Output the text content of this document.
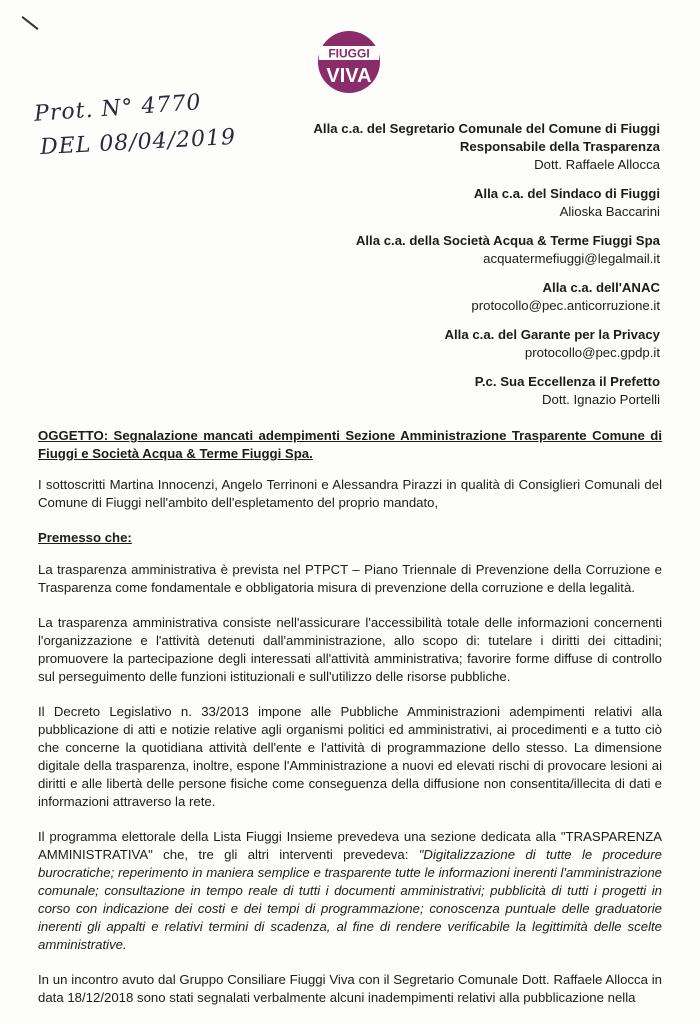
FIUGGI
VIVA
Prot. N° 4770
DEL 08/04/2019	Alla c.a. del Segretario Comunale del Comune di Fiuggi
Responsabile della Trasparenza
Dott. Raffaele Allocca
Alla c.a. del Sindaco di Fiuggi
Alioska Baccarini
Alla c.a. della Società Acqua & Terme Fiuggi Spa
acquatermefiuggi@legalmail.it
Alla c.a. dell'ANAC
protocollo@pec.anticorruzione.it
Alla c.a. del Garante per la Privacy
protocollo@pec.gpdp.it
P.c. Sua Eccellenza il Prefetto
Dott. Ignazio Portelli
OGGETTO: Segnalazione mancati adempimenti Sezione Amministrazione Trasparente Comune di Fiuggi e Società Acqua & Terme Fiuggi Spa.
I sottoscritti Martina Innocenzi, Angelo Terrinoni e Alessandra Pirazzi in qualità di Consiglieri Comunali del Comune di Fiuggi nell'ambito dell'espletamento del proprio mandato,
Premesso che:
La trasparenza amministrativa è prevista nel PTPCT – Piano Triennale di Prevenzione della Corruzione e Trasparenza come fondamentale e obbligatoria misura di prevenzione della corruzione e della legalità.
La trasparenza amministrativa consiste nell'assicurare l'accessibilità totale delle informazioni concernenti l'organizzazione e l'attività detenuti dall'amministrazione, allo scopo di: tutelare i diritti dei cittadini; promuovere la partecipazione degli interessati all'attività amministrativa; favorire forme diffuse di controllo sul perseguimento delle funzioni istituzionali e sull'utilizzo delle risorse pubbliche.
Il Decreto Legislativo n. 33/2013 impone alle Pubbliche Amministrazioni adempimenti relativi alla pubblicazione di atti e notizie relative agli organismi politici ed amministrativi, ai procedimenti e a tutto ciò che concerne la quotidiana attività dell'ente e l'attività di programmazione dello stesso. La dimensione digitale della trasparenza, inoltre, espone l'Amministrazione a nuovi ed elevati rischi di provocare lesioni ai diritti e alle libertà delle persone fisiche come conseguenza della diffusione non consentita/illecita di dati e informazioni attraverso la rete.
Il programma elettorale della Lista Fiuggi Insieme prevedeva una sezione dedicata alla "TRASPARENZA AMMINISTRATIVA" che, tre gli altri interventi prevedeva: "Digitalizzazione di tutte le procedure burocratiche; reperimento in maniera semplice e trasparente tutte le informazioni inerenti l'amministrazione comunale; consultazione in tempo reale di tutti i documenti amministrativi; pubblicità di tutti i progetti in corso con indicazione dei costi e dei tempi di programmazione; conoscenza puntuale delle graduatorie inerenti gli appalti e relativi termini di scadenza, al fine di rendere verificabile la legittimità delle scelte amministrative.
In un incontro avuto dal Gruppo Consiliare Fiuggi Viva con il Segretario Comunale Dott. Raffaele Allocca in data 18/12/2018 sono stati segnalati verbalmente alcuni inadempimenti relativi alla pubblicazione nella
